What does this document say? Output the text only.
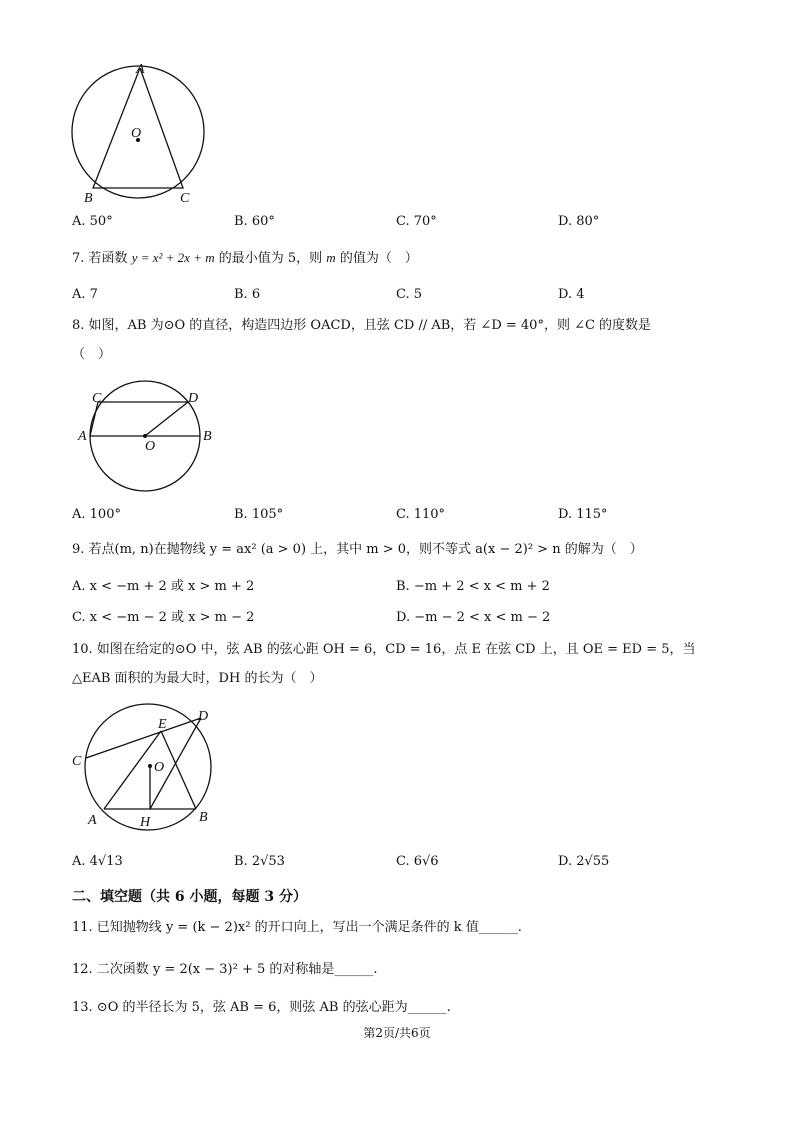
A
O
B	C
A. 50°	B. 60°	C. 70°	D. 80°
7. 若函数 y = x² + 2x + m 的最小值为 5，则 m 的值为（　）
A. 7	B. 6	C. 5	D. 4
8. 如图，AB 为⊙O 的直径，构造四边形 OACD，且弦 CD // AB，若 ∠D = 40°，则 ∠C 的度数是
（　）
C	D
A
O
B
A. 100°	B. 105°	C. 110°	D. 115°
9. 若点(m, n)在抛物线 y = ax² (a > 0) 上，其中 m > 0，则不等式 a(x − 2)² > n 的解为（　）
A. x < −m + 2 或 x > m + 2	B. −m + 2 < x < m + 2
C. x < −m − 2 或 x > m − 2	D. −m − 2 < x < m − 2
10. 如图在给定的⊙O 中，弦 AB 的弦心距 OH = 6，CD = 16，点 E 在弦 CD 上，且 OE = ED = 5，当
△EAB 面积的为最大时，DH 的长为（　）
E
D
C	O
A	H	B
A. 4√13	B. 2√53	C. 6√6	D. 2√55
二、填空题（共 6 小题，每题 3 分）
11. 已知抛物线 y = (k − 2)x² 的开口向上，写出一个满足条件的 k 值______.
12. 二次函数 y = 2(x − 3)² + 5 的对称轴是______.
13. ⊙O 的半径长为 5，弦 AB = 6，则弦 AB 的弦心距为______.
第2页/共6页
